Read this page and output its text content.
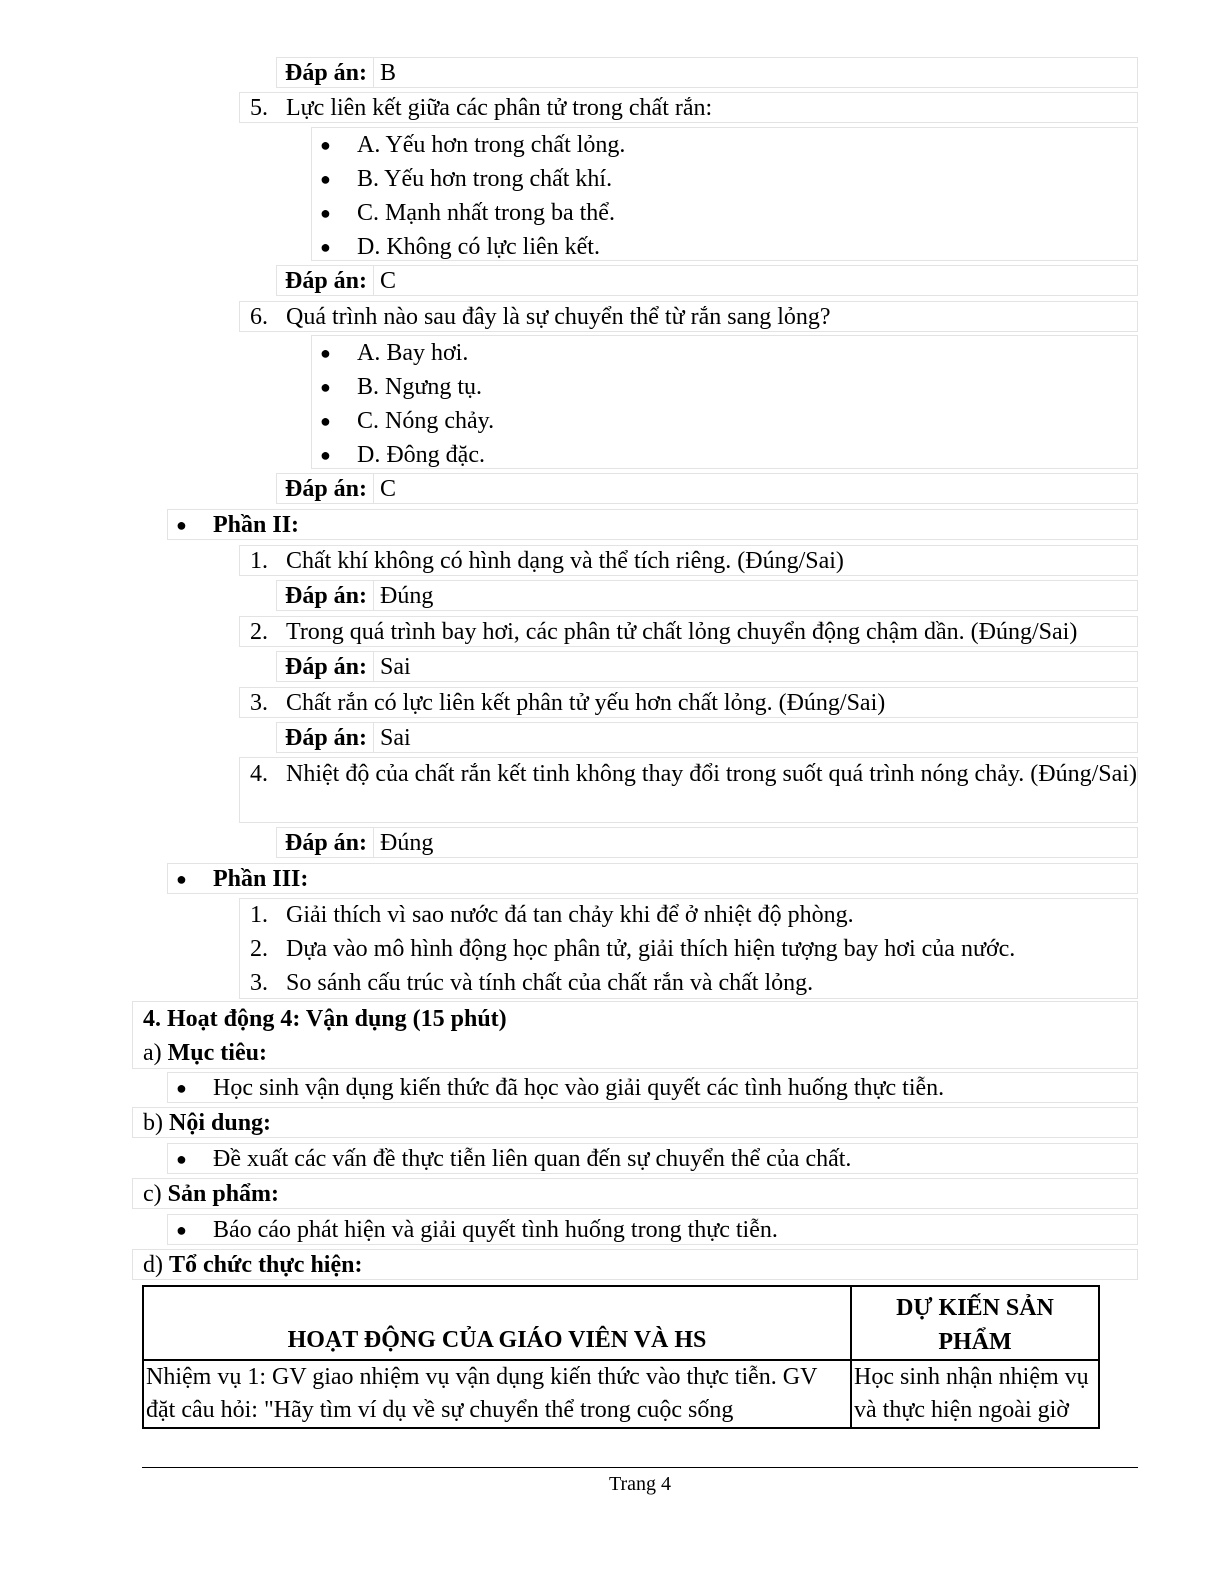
Đáp án: B
5. Lực liên kết giữa các phân tử trong chất rắn:
● A. Yếu hơn trong chất lỏng.
● B. Yếu hơn trong chất khí.
● C. Mạnh nhất trong ba thể.
● D. Không có lực liên kết.
Đáp án: C
6. Quá trình nào sau đây là sự chuyển thể từ rắn sang lỏng?
● A. Bay hơi.
● B. Ngưng tụ.
● C. Nóng chảy.
● D. Đông đặc.
Đáp án: C
● Phần II:
1. Chất khí không có hình dạng và thể tích riêng. (Đúng/Sai)
Đáp án: Đúng
2. Trong quá trình bay hơi, các phân tử chất lỏng chuyển động chậm dần. (Đúng/Sai)
Đáp án: Sai
3. Chất rắn có lực liên kết phân tử yếu hơn chất lỏng. (Đúng/Sai)
Đáp án: Sai
4. Nhiệt độ của chất rắn kết tinh không thay đổi trong suốt quá trình nóng chảy. (Đúng/Sai)
Đáp án: Đúng
● Phần III:
1. Giải thích vì sao nước đá tan chảy khi để ở nhiệt độ phòng.
2. Dựa vào mô hình động học phân tử, giải thích hiện tượng bay hơi của nước.
3. So sánh cấu trúc và tính chất của chất rắn và chất lỏng.
4. Hoạt động 4: Vận dụng (15 phút)
a) Mục tiêu:
● Học sinh vận dụng kiến thức đã học vào giải quyết các tình huống thực tiễn.
b) Nội dung:
● Đề xuất các vấn đề thực tiễn liên quan đến sự chuyển thể của chất.
c) Sản phẩm:
● Báo cáo phát hiện và giải quyết tình huống trong thực tiễn.
d) Tổ chức thực hiện:
HOẠT ĐỘNG CỦA GIÁO VIÊN VÀ HS	DỰ KIẾN SẢN PHẨM
Nhiệm vụ 1: GV giao nhiệm vụ vận dụng kiến thức vào thực tiễn. GV đặt câu hỏi: "Hãy tìm ví dụ về sự chuyển thể trong cuộc sống	Học sinh nhận nhiệm vụ và thực hiện ngoài giờ
Trang 4
